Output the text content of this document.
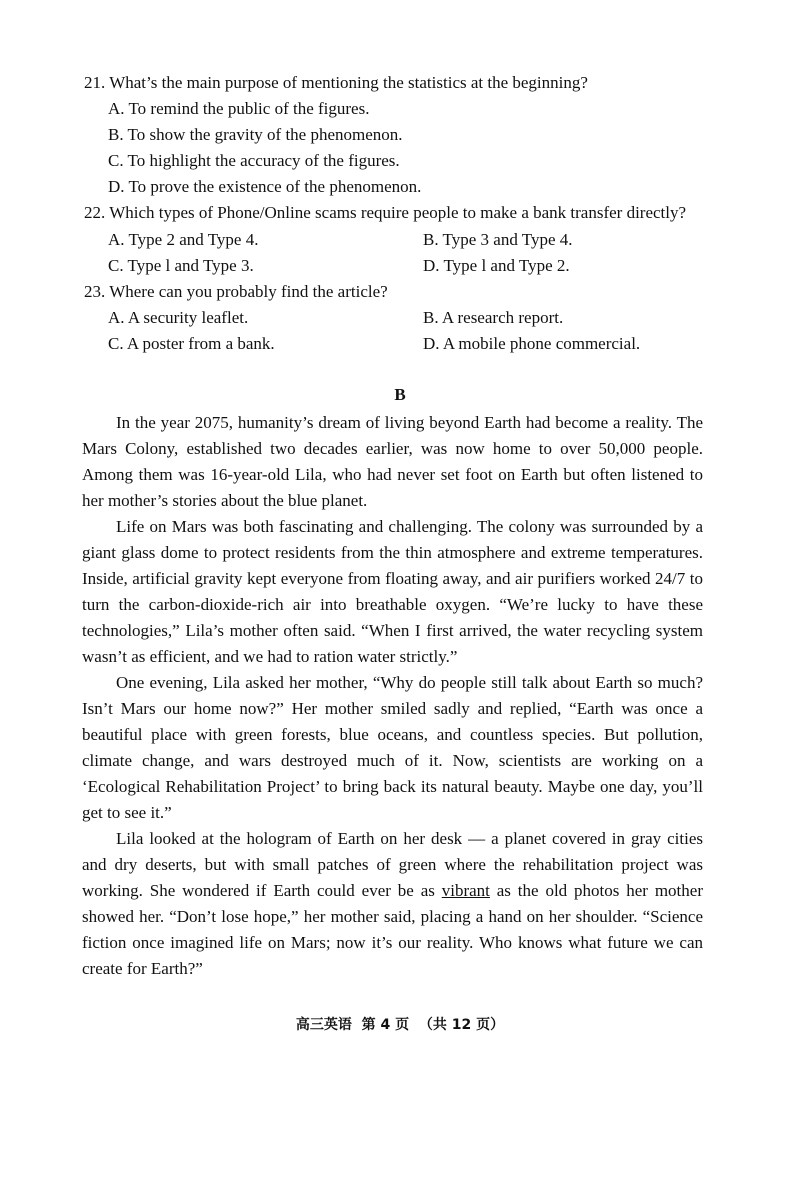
21. What’s the main purpose of mentioning the statistics at the beginning?
A. To remind the public of the figures.
B. To show the gravity of the phenomenon.
C. To highlight the accuracy of the figures.
D. To prove the existence of the phenomenon.
22. Which types of Phone/Online scams require people to make a bank transfer directly?
A. Type 2 and Type 4.	B. Type 3 and Type 4.
C. Type l and Type 3.	D. Type l and Type 2.
23. Where can you probably find the article?
A. A security leaflet.	B. A research report.
C. A poster from a bank.	D. A mobile phone commercial.
B

In the year 2075, humanity’s dream of living beyond Earth had become a reality. The Mars Colony, established two decades earlier, was now home to over 50,000 people. Among them was 16-year-old Lila, who had never set foot on Earth but often listened to her mother’s stories about the blue planet.

Life on Mars was both fascinating and challenging. The colony was surrounded by a giant glass dome to protect residents from the thin atmosphere and extreme temperatures. Inside, artificial gravity kept everyone from floating away, and air purifiers worked 24/7 to turn the carbon-dioxide-rich air into breathable oxygen. “We’re lucky to have these technologies,” Lila’s mother often said. “When I first arrived, the water recycling system wasn’t as efficient, and we had to ration water strictly.”

One evening, Lila asked her mother, “Why do people still talk about Earth so much? Isn’t Mars our home now?” Her mother smiled sadly and replied, “Earth was once a beautiful place with green forests, blue oceans, and countless species. But pollution, climate change, and wars destroyed much of it. Now, scientists are working on a ‘Ecological Rehabilitation Project’ to bring back its natural beauty. Maybe one day, you’ll get to see it.”

Lila looked at the hologram of Earth on her desk — a planet covered in gray cities and dry deserts, but with small patches of green where the rehabilitation project was working. She wondered if Earth could ever be as vibrant as the old photos her mother showed her. “Don’t lose hope,” her mother said, placing a hand on her shoulder. “Science fiction once imagined life on Mars; now it’s our reality. Who knows what future we can create for Earth?”

高三英语  第 4 页  （共 12 页）
